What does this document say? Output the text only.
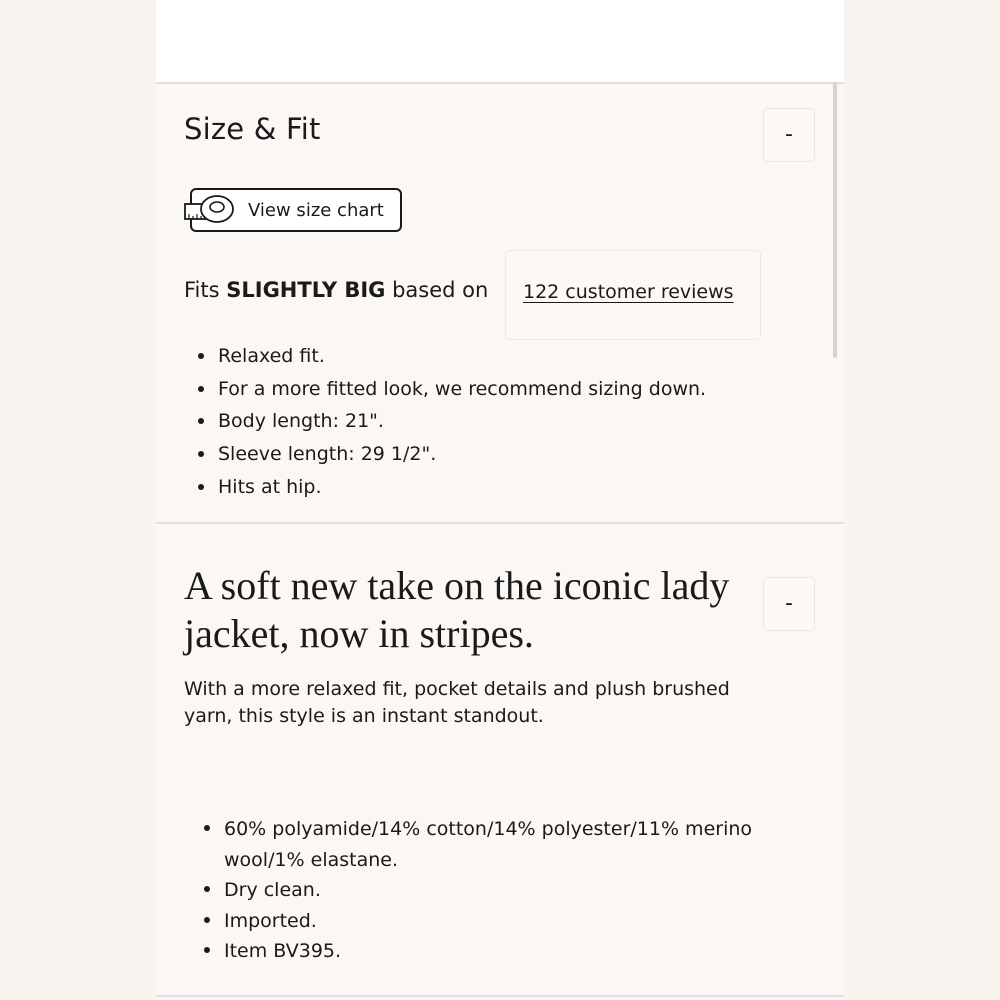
Size & Fit	-
View size chart
Fits SLIGHTLY BIG based on 122 customer reviews
Relaxed fit.
For a more fitted look, we recommend sizing down.
Body length: 21".
Sleeve length: 29 1/2".
Hits at hip.
A soft new take on the iconic lady jacket, now in stripes.
-

With a more relaxed fit, pocket details and plush brushed yarn, this style is an instant standout.

60% polyamide/14% cotton/14% polyester/11% merino wool/1% elastane.
Dry clean.
Imported.
Item BV395.
